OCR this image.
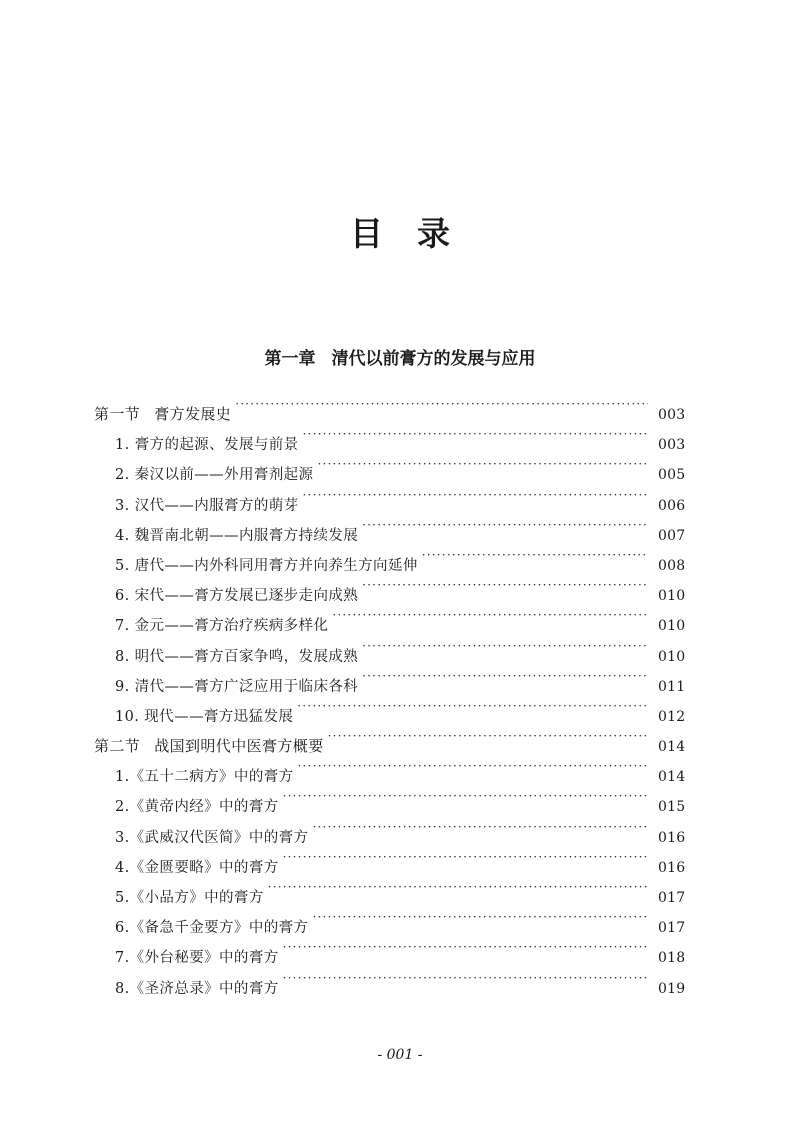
目 录
第一章 清代以前膏方的发展与应用
第一节 膏方发展史 ·····	003
1. 膏方的起源、发展与前景 ·····	003
2. 秦汉以前——外用膏剂起源 ·····	005
3. 汉代——内服膏方的萌芽 ·····	006
4. 魏晋南北朝——内服膏方持续发展 ·····	007
5. 唐代——内外科同用膏方并向养生方向延伸 ·····	008
6. 宋代——膏方发展已逐步走向成熟 ·····	010
7. 金元——膏方治疗疾病多样化 ·····	010
8. 明代——膏方百家争鸣，发展成熟 ·····	010
9. 清代——膏方广泛应用于临床各科 ·····	011
10. 现代——膏方迅猛发展 ·····	012
第二节 战国到明代中医膏方概要 ·····	014
1.《五十二病方》中的膏方 ·····	014
2.《黄帝内经》中的膏方 ·····	015
3.《武威汉代医简》中的膏方 ·····	016
4.《金匮要略》中的膏方 ·····	016
5.《小品方》中的膏方 ·····	017
6.《备急千金要方》中的膏方 ·····	017
7.《外台秘要》中的膏方 ·····	018
8.《圣济总录》中的膏方 ·····	019
- 001 -
